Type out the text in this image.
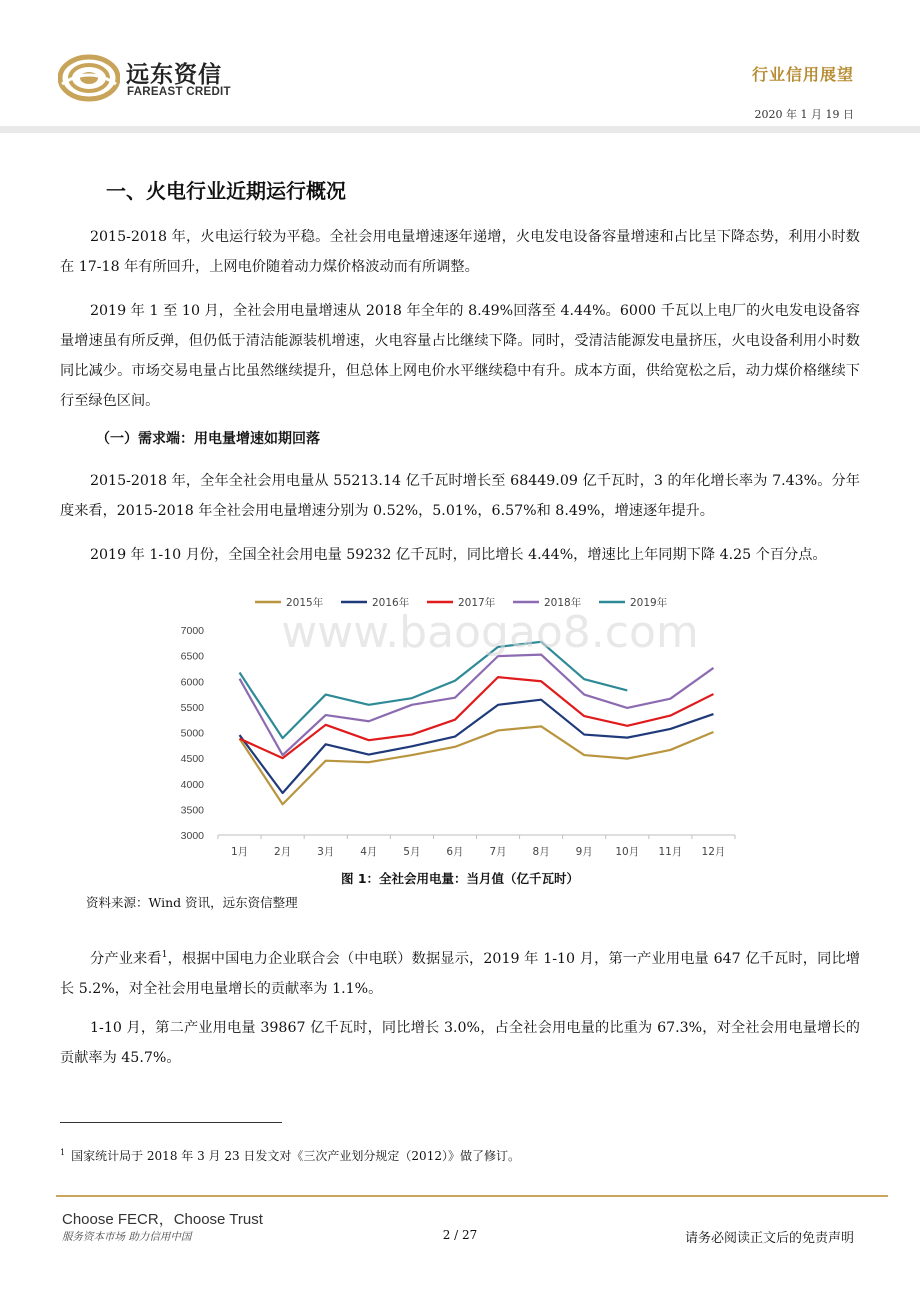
远东资信
FAREAST CREDIT
行业信用展望
2020 年 1 月 19 日
一、火电行业近期运行概况

2015-2018 年，火电运行较为平稳。全社会用电量增速逐年递增，火电发电设备容量增速和占比呈下降态势，利用小时数在 17-18 年有所回升，上网电价随着动力煤价格波动而有所调整。

2019 年 1 至 10 月，全社会用电量增速从 2018 年全年的 8.49%回落至 4.44%。6000 千瓦以上电厂的火电发电设备容量增速虽有所反弹，但仍低于清洁能源装机增速，火电容量占比继续下降。同时，受清洁能源发电量挤压，火电设备利用小时数同比减少。市场交易电量占比虽然继续提升，但总体上网电价水平继续稳中有升。成本方面，供给宽松之后，动力煤价格继续下行至绿色区间。

（一）需求端：用电量增速如期回落

2015-2018 年，全年全社会用电量从 55213.14 亿千瓦时增长至 68449.09 亿千瓦时，3 的年化增长率为 7.43%。分年度来看，2015-2018 年全社会用电量增速分别为 0.52%，5.01%，6.57%和 8.49%，增速逐年提升。

2019 年 1-10 月份，全国全社会用电量 59232 亿千瓦时，同比增长 4.44%，增速比上年同期下降 4.25 个百分点。

2015年	2016年	2017年	2018年	2019年
7000
6500
6000
5500
5000
4500
4000
3500
3000
1月 2月 3月 4月 5月 6月 7月 8月 9月 10月 11月 12月
www.baogao8.com
图 1：全社会用电量：当月值（亿千瓦时）
资料来源：Wind 资讯，远东资信整理

分产业来看$^1$，根据中国电力企业联合会（中电联）数据显示，2019 年 1-10 月，第一产业用电量 647 亿千瓦时，同比增长 5.2%，对全社会用电量增长的贡献率为 1.1%。

1-10 月，第二产业用电量 39867 亿千瓦时，同比增长 3.0%，占全社会用电量的比重为 67.3%，对全社会用电量增长的贡献率为 45.7%。

$^1$ 国家统计局于 2018 年 3 月 23 日发文对《三次产业划分规定（2012）》做了修订。
Choose FECR，Choose Trust
服务资本市场 助力信用中国	2 / 27	请务必阅读正文后的免责声明
